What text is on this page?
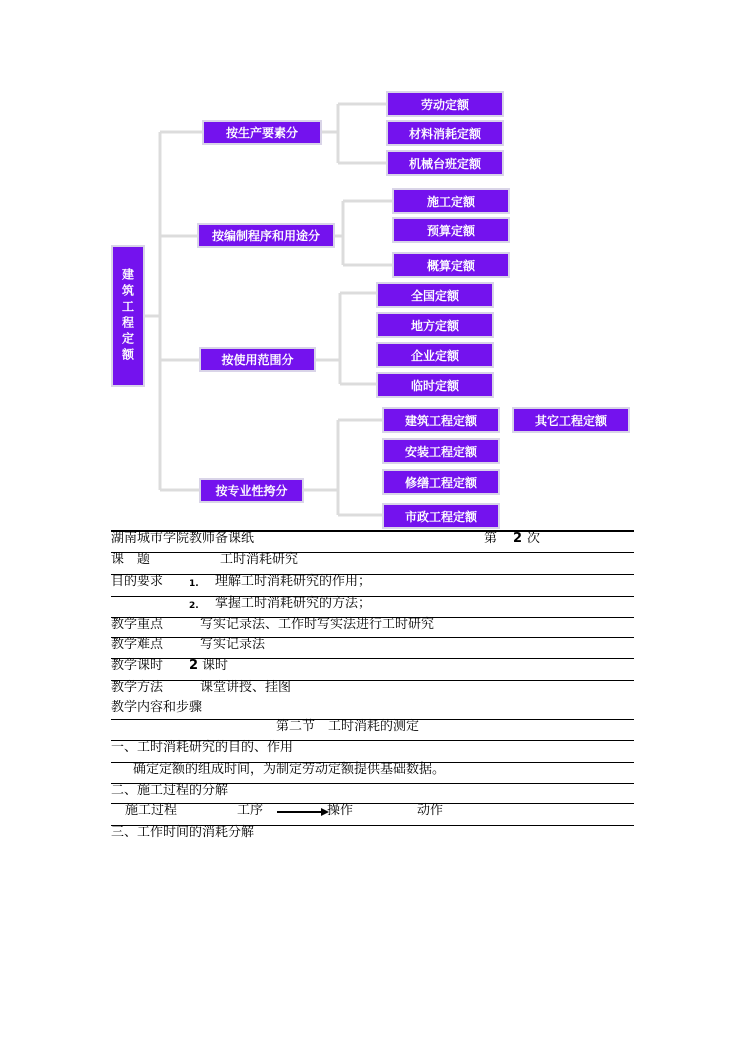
建筑工程定额
按生产要素分
按编制程序和用途分
按使用范围分
按专业性挎分
劳动定额
材料消耗定额
机械台班定额
施工定额
预算定额
概算定额
全国定额
地方定额
企业定额
临时定额
建筑工程定额
安装工程定额
修缮工程定额
市政工程定额
其它工程定额
湖南城市学院教师备课纸	第 2 次
课　题	工时消耗研究
目的要求	1. 理解工时消耗研究的作用；
2. 掌握工时消耗研究的方法；
教学重点	写实记录法、工作时写实法进行工时研究
教学难点	写实记录法
教学课时 2 课时
教学方法	课堂讲授、挂图
教学内容和步骤
第二节　工时消耗的测定
一、工时消耗研究的目的、作用
确定定额的组成时间，为制定劳动定额提供基础数据。
二、施工过程的分解
施工过程	工序	操作	动作
三、工作时间的消耗分解
